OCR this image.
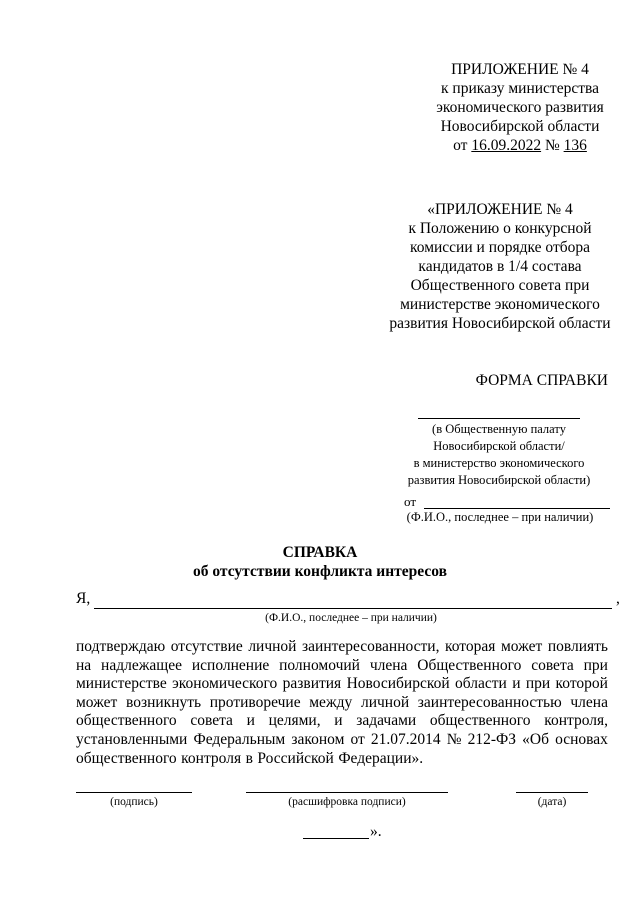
ПРИЛОЖЕНИЕ № 4
к приказу министерства
экономического развития
Новосибирской области
от 16.09.2022 № 136
«ПРИЛОЖЕНИЕ № 4
к Положению о конкурсной
комиссии и порядке отбора
кандидатов в 1/4 состава
Общественного совета при
министерстве экономического
развития Новосибирской области
ФОРМА СПРАВКИ
(в Общественную палату
Новосибирской области/
в министерство экономического
развития Новосибирской области)
от
(Ф.И.О., последнее – при наличии)
СПРАВКА
об отсутствии конфликта интересов
Я,	,
(Ф.И.О., последнее – при наличии)
подтверждаю отсутствие личной заинтересованности, которая может повлиять
на надлежащее исполнение полномочий члена Общественного совета при
министерстве экономического развития Новосибирской области и при которой
может возникнуть противоречие между личной заинтересованностью члена
общественного совета и целями, и задачами общественного контроля,
установленными Федеральным законом от 21.07.2014 № 212-ФЗ «Об основах
общественного контроля в Российской Федерации».
(подпись)	(расшифровка подписи)	(дата)
».
